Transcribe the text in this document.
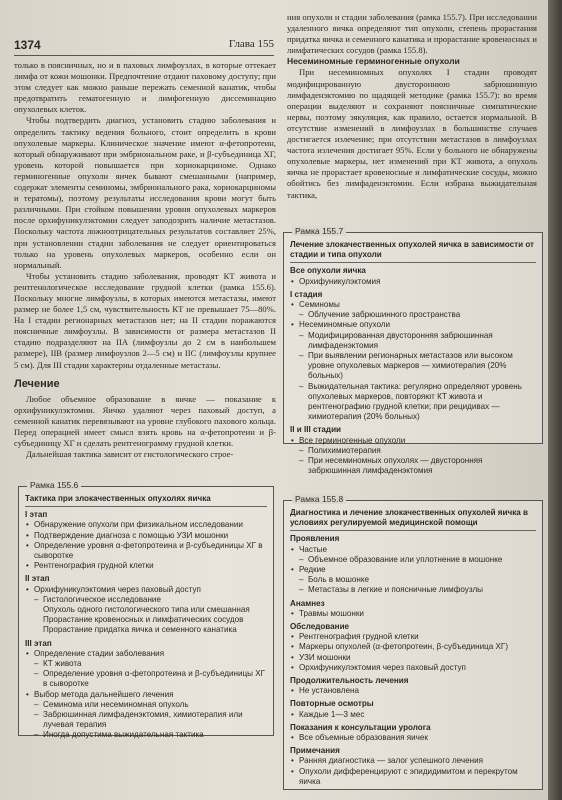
1374	Глава 155

только в поясничных, но и в паховых лимфоузлах, в которые оттекает лимфа от кожи мошонки. Предпочтение отдают паховому доступу; при этом следует как можно раньше пережать семенной канатик, чтобы предотвратить гематогенную и лимфогенную диссеминацию опухолевых клеток.

Чтобы подтвердить диагноз, установить стадию заболевания и определить тактику ведения больного, стоит определить в крови опухолевые маркеры. Клиническое значение имеют α-фетопротеин, который обнаруживают при эмбриональном раке, и β-субъединица ХГ, уровень которой повышается при хориокарциноме. Однако герминогенные опухоли яичек бывают смешанными (например, содержат элементы семиномы, эмбрионального рака, хориокарциномы и тератомы), поэтому результаты исследования крови могут быть различными. При стойком повышении уровня опухолевых маркеров после орхифуникулэктомии следует заподозрить наличие метастазов. Поскольку частота ложноотрицательных результатов составляет 25%, при установлении стадии заболевания не следует ориентироваться только на уровень опухолевых маркеров, особенно если он нормальный.

Чтобы установить стадию заболевания, проводят КТ живота и рентгенологическое исследование грудной клетки (рамка 155.6). Поскольку многие лимфоузлы, в которых имеются метастазы, имеют размер не более 1,5 см, чувствительность КТ не превышает 75—80%. На I стадии регионарных метастазов нет; на II стадии поражаются поясничные лимфоузлы. В зависимости от размера метастазов II стадию подразделяют на IIA (лимфоузлы до 2 см в наибольшем размере), IIB (размер лимфоузлов 2—5 см) и IIC (лимфоузлы крупнее 5 см). Для III стадии характерны отдаленные метастазы.

Лечение

Любое объемное образование в яичке — показание к орхифуникулэктомии. Яичко удаляют через паховый доступ, а семенной канатик перевязывают на уровне глубокого пахового кольца. Перед операцией имеет смысл взять кровь на α-фетопротеин и β-субъединицу ХГ и сделать рентгенограмму грудной клетки.

Дальнейшая тактика зависит от гистологического строе-

ния опухоли и стадии заболевания (рамка 155.7). При исследовании удаленного яичка определяют тип опухоли, степень прорастания придатка яичка и семенного канатика и прорастание кровеносных и лимфатических сосудов (рамка 155.8).

Несеминомные герминогенные опухоли

При несеминомных опухолях I стадии проводят модифицированную двустороннюю забрюшинную лимфаденэктомию по щадящей методике (рамка 155.7): во время операции выделяют и сохраняют поясничные симпатические нервы, поэтому эякуляция, как правило, остается нормальной. В отсутствие изменений в лимфоузлах в большинстве случаев достигается излечение; при отсутствии метастазов в лимфоузлах частота излечения достигает 95%. Если у больного не обнаружены опухолевые маркеры, нет изменений при КТ живота, а опухоль яичка не прорастает кровеносные и лимфатические сосуды, можно обойтись без лимфаденэктомии. Если избрана выжидательная тактика,

Рамка 155.6
Тактика при злокачественных опухолях яичка
I этап
• Обнаружение опухоли при физикальном исследовании
• Подтверждение диагноза с помощью УЗИ мошонки
• Определение уровня α-фетопротеина и β-субъединицы ХГ в сыворотке
• Рентгенография грудной клетки
II этап
• Орхифуникулэктомия через паховый доступ
– Гистологическое исследование
Опухоль одного гистологического типа или смешанная
Прорастание кровеносных и лимфатических сосудов
Прорастание придатка яичка и семенного канатика
III этап
• Определение стадии заболевания
– КТ живота
– Определение уровня α-фетопротеина и β-субъединицы ХГ в сыворотке
• Выбор метода дальнейшего лечения
– Семинома или несеминомная опухоль
– Забрюшинная лимфаденэктомия, химиотерапия или лучевая терапия
– Иногда допустима выжидательная тактика
Рамка 155.7
Лечение злокачественных опухолей яичка в зависимости от стадии и типа опухоли
Все опухоли яичка
• Орхифуникулэктомия
I стадия
• Семиномы
– Облучение забрюшинного пространства
• Несеминомные опухоли
– Модифицированная двусторонняя забрюшинная лимфаденэктомия
– При выявлении регионарных метастазов или высоком уровне опухолевых маркеров — химиотерапия (20% больных)
– Выжидательная тактика: регулярно определяют уровень опухолевых маркеров, повторяют КТ живота и рентгенографию грудной клетки; при рецидивах — химиотерапия (20% больных)
II и III стадии
• Все герминогенные опухоли
– Полихимиотерапия
– При несеминомных опухолях — двусторонняя забрюшинная лимфаденэктомия
Рамка 155.8
Диагностика и лечение злокачественных опухолей яичка в условиях регулируемой медицинской помощи
Проявления
• Частые
– Объемное образование или уплотнение в мошонке
• Редкие
– Боль в мошонке
– Метастазы в легкие и поясничные лимфоузлы
Анамнез
• Травмы мошонки
Обследование
• Рентгенография грудной клетки
• Маркеры опухолей (α-фетопротеин, β-субъединица ХГ)
• УЗИ мошонки
• Орхифуникулэктомия через паховый доступ
Продолжительность лечения
• Не установлена
Повторные осмотры
• Каждые 1—3 мес
Показания к консультации уролога
• Все объемные образования яичек
Примечания
• Ранняя диагностика — залог успешного лечения
• Опухоли дифференцируют с эпидидимитом и перекрутом яичка
